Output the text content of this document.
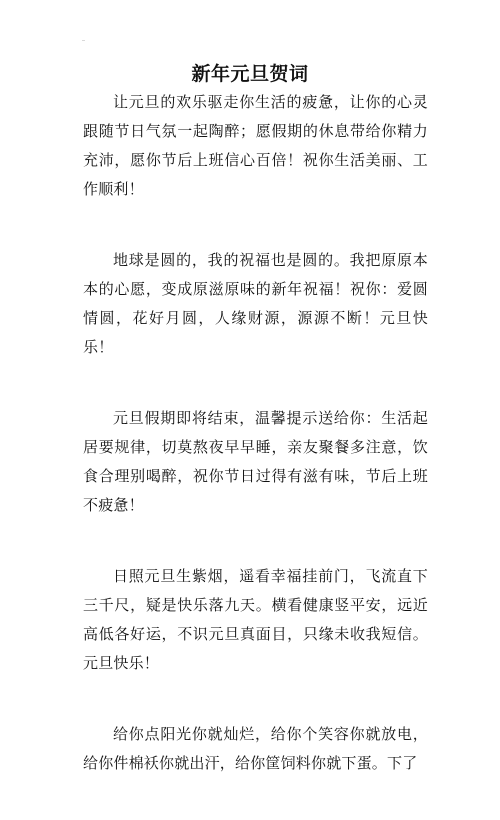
新年元旦贺词

让元旦的欢乐驱走你生活的疲惫，让你的心灵跟随节日气氛一起陶醉；愿假期的休息带给你精力充沛，愿你节后上班信心百倍！祝你生活美丽、工作顺利！

地球是圆的，我的祝福也是圆的。我把原原本本的心愿，变成原滋原味的新年祝福！祝你：爱圆情圆，花好月圆，人缘财源，源源不断！元旦快乐！

元旦假期即将结束，温馨提示送给你：生活起居要规律，切莫熬夜早早睡，亲友聚餐多注意，饮食合理别喝醉，祝你节日过得有滋有味，节后上班不疲惫！

日照元旦生紫烟，遥看幸福挂前门，飞流直下三千尺，疑是快乐落九天。横看健康竖平安，远近高低各好运，不识元旦真面目，只缘未收我短信。元旦快乐！

给你点阳光你就灿烂，给你个笑容你就放电，给你件棉袄你就出汗，给你筐饲料你就下蛋。下了
